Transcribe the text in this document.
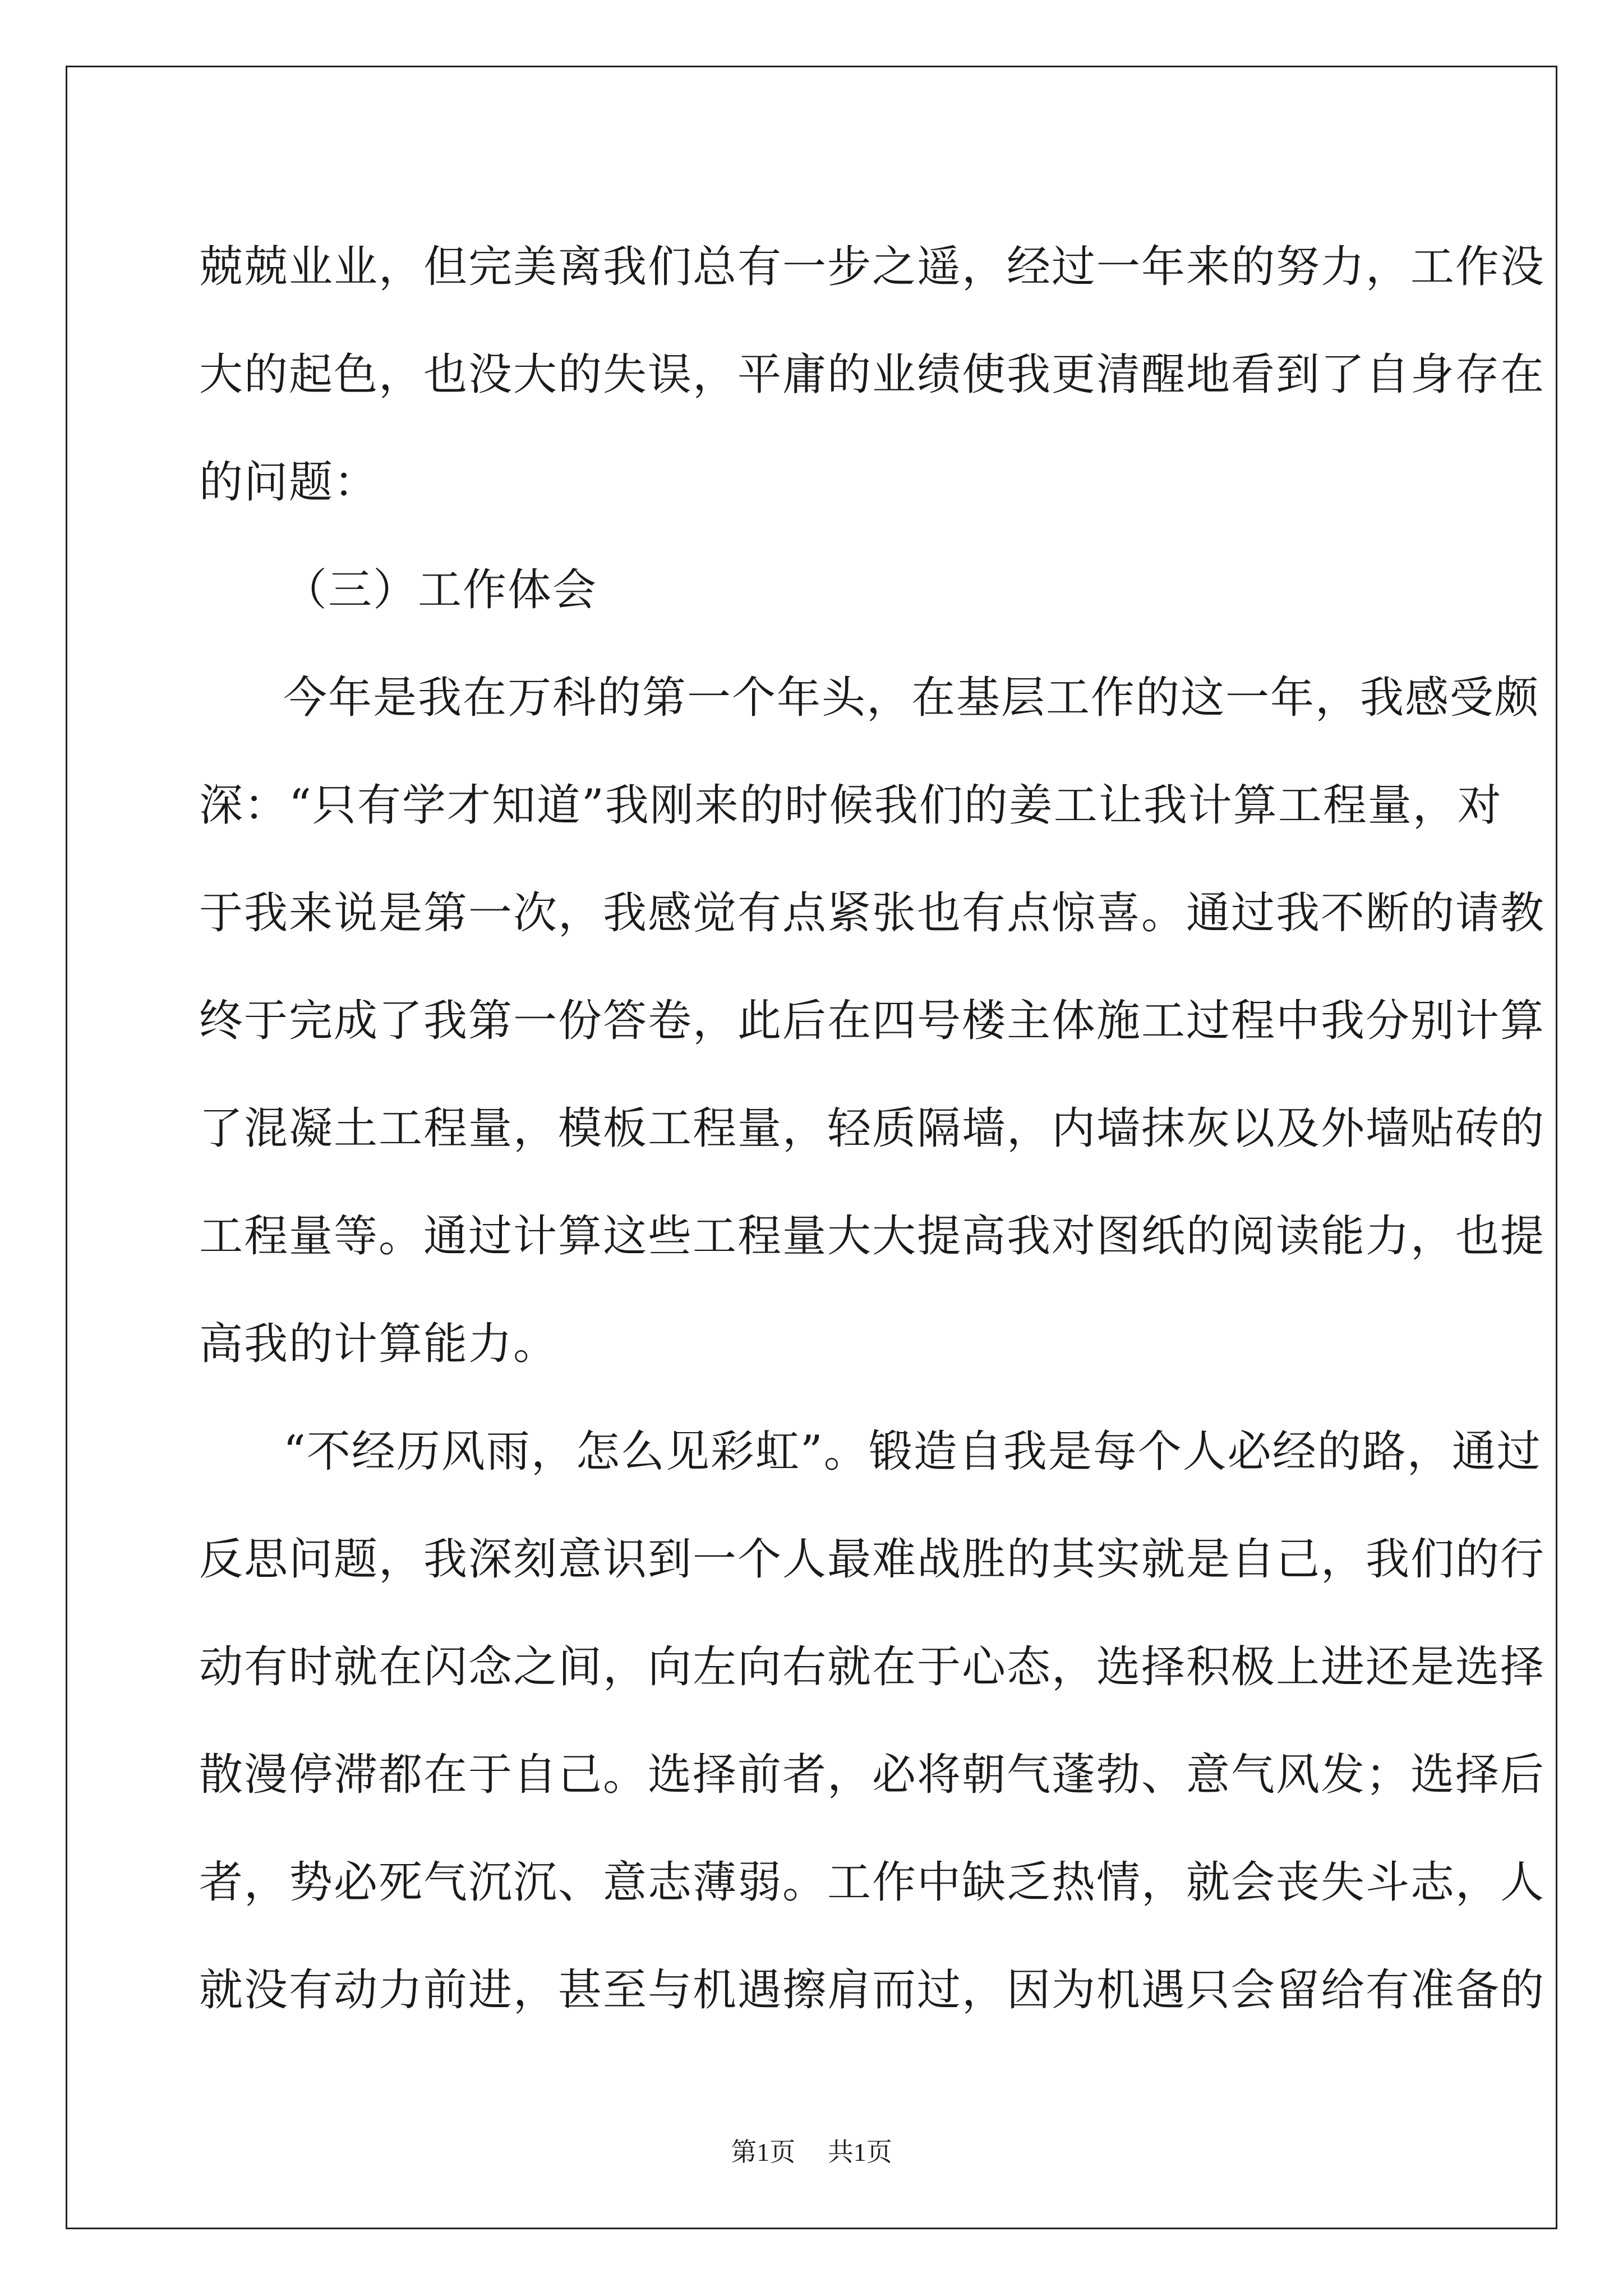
兢兢业业，但完美离我们总有一步之遥，经过一年来的努力，工作没
大的起色，也没大的失误，平庸的业绩使我更清醒地看到了自身存在
的问题：
（三）工作体会
今年是我在万科的第一个年头，在基层工作的这一年，我感受颇
深：“只有学才知道”我刚来的时候我们的姜工让我计算工程量，对
于我来说是第一次，我感觉有点紧张也有点惊喜。通过我不断的请教
终于完成了我第一份答卷，此后在四号楼主体施工过程中我分别计算
了混凝土工程量，模板工程量，轻质隔墙，内墙抹灰以及外墙贴砖的
工程量等。通过计算这些工程量大大提高我对图纸的阅读能力，也提
高我的计算能力。
“不经历风雨，怎么见彩虹”。锻造自我是每个人必经的路，通过
反思问题，我深刻意识到一个人最难战胜的其实就是自己，我们的行
动有时就在闪念之间，向左向右就在于心态，选择积极上进还是选择
散漫停滞都在于自己。选择前者，必将朝气蓬勃、意气风发；选择后
者，势必死气沉沉、意志薄弱。工作中缺乏热情，就会丧失斗志，人
就没有动力前进，甚至与机遇擦肩而过，因为机遇只会留给有准备的
第1页 共1页
